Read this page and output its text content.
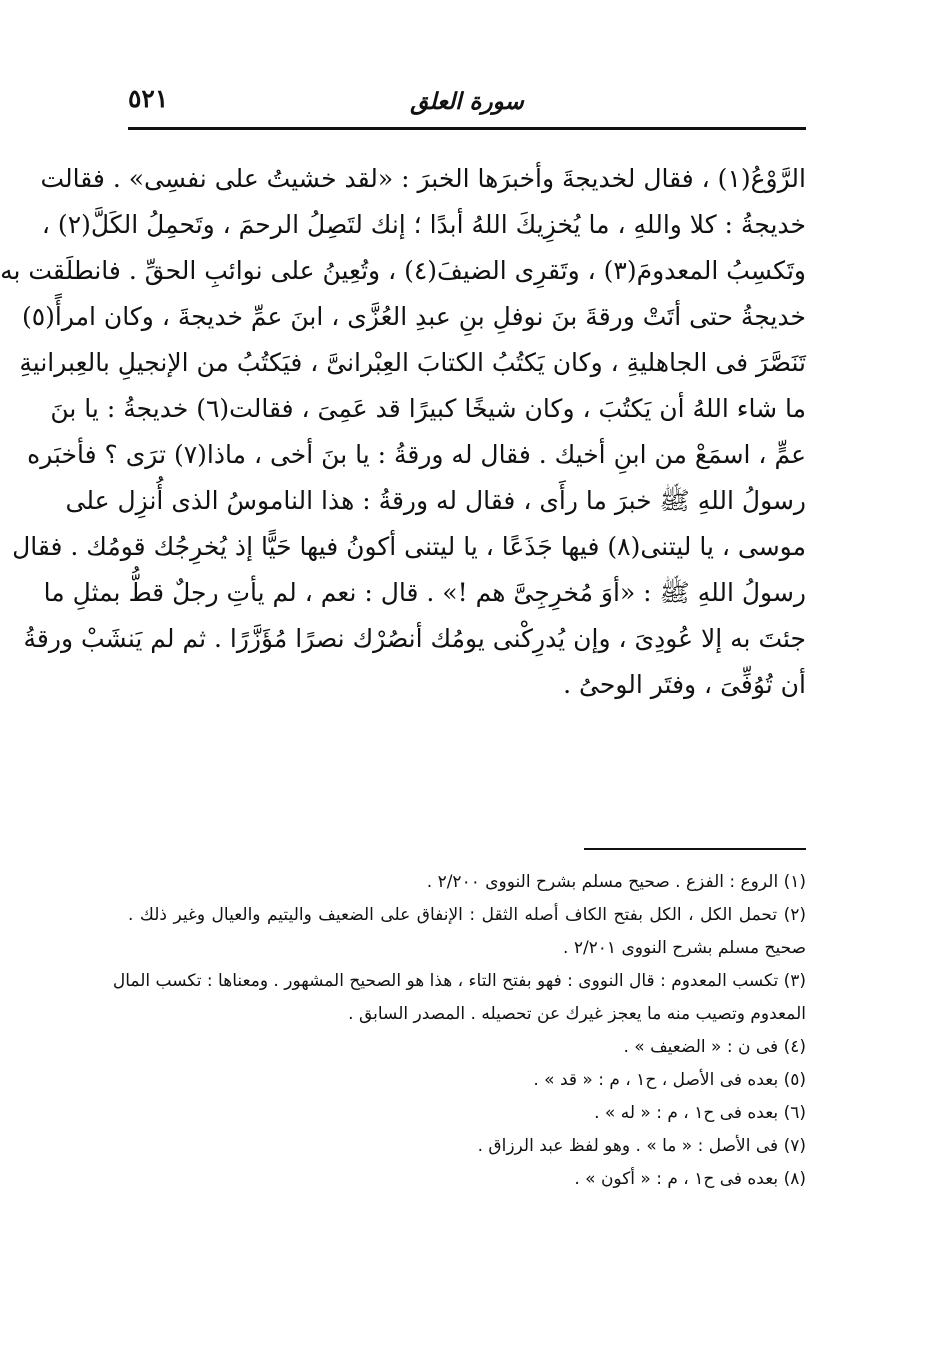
سورة العلق
٥٢١
الرَّوْعُ(١) ، فقال لخديجةَ وأخبرَها الخبرَ : «لقد خشيتُ على نفسِى» . فقالت
خديجةُ : كلا واللهِ ، ما يُخزِيكَ اللهُ أبدًا ؛ إنك لتَصِلُ الرحمَ ، وتَحمِلُ الكَلَّ(٢) ،
وتَكسِبُ المعدومَ(٣) ، وتَقرِى الضيفَ(٤) ، وتُعِينُ على نوائبِ الحقِّ . فانطلَقت به
خديجةُ حتى أتَتْ ورقةَ بنَ نوفلِ بنِ عبدِ العُزَّى ، ابنَ عمِّ خديجةَ ، وكان امرأً(٥)
تَنَصَّرَ فى الجاهليةِ ، وكان يَكتُبُ الكتابَ العِبْرانىَّ ، فيَكتُبُ من الإنجيلِ بالعِبرانيةِ
ما شاء اللهُ أن يَكتُبَ ، وكان شيخًا كبيرًا قد عَمِىَ ، فقالت(٦) خديجةُ : يا بنَ
عمٍّ ، اسمَعْ من ابنِ أخيك . فقال له ورقةُ : يا بنَ أخى ، ماذا(٧) ترَى ؟ فأخبَره
رسولُ اللهِ ﷺ خبرَ ما رأَى ، فقال له ورقةُ : هذا الناموسُ الذى أُنزِل على
موسى ، يا ليتنى(٨) فيها جَذَعًا ، يا ليتنى أكونُ فيها حَيًّا إذ يُخرِجُك قومُك . فقال
رسولُ اللهِ ﷺ : «أوَ مُخرِجِىَّ هم !» . قال : نعم ، لم يأتِ رجلٌ قطُّ بمثلِ ما
جئتَ به إلا عُودِىَ ، وإن يُدرِكْنى يومُك أنصُرْك نصرًا مُؤَزَّرًا . ثم لم يَنشَبْ ورقةُ
أن تُوُفِّىَ ، وفتَر الوحىُ .
(١) الروع : الفزع . صحيح مسلم بشرح النووى ٢/٢٠٠ .
(٢) تحمل الكل ، الكل بفتح الكاف أصله الثقل : الإنفاق على الضعيف واليتيم والعيال وغير ذلك .
صحيح مسلم بشرح النووى ٢/٢٠١ .
(٣) تكسب المعدوم : قال النووى : فهو بفتح التاء ، هذا هو الصحيح المشهور . ومعناها : تكسب المال
المعدوم وتصيب منه ما يعجز غيرك عن تحصيله . المصدر السابق .
(٤) فى ن : « الضعيف » .
(٥) بعده فى الأصل ، ح١ ، م : « قد » .
(٦) بعده فى ح١ ، م : « له » .
(٧) فى الأصل : « ما » . وهو لفظ عبد الرزاق .
(٨) بعده فى ح١ ، م : « أكون » .
